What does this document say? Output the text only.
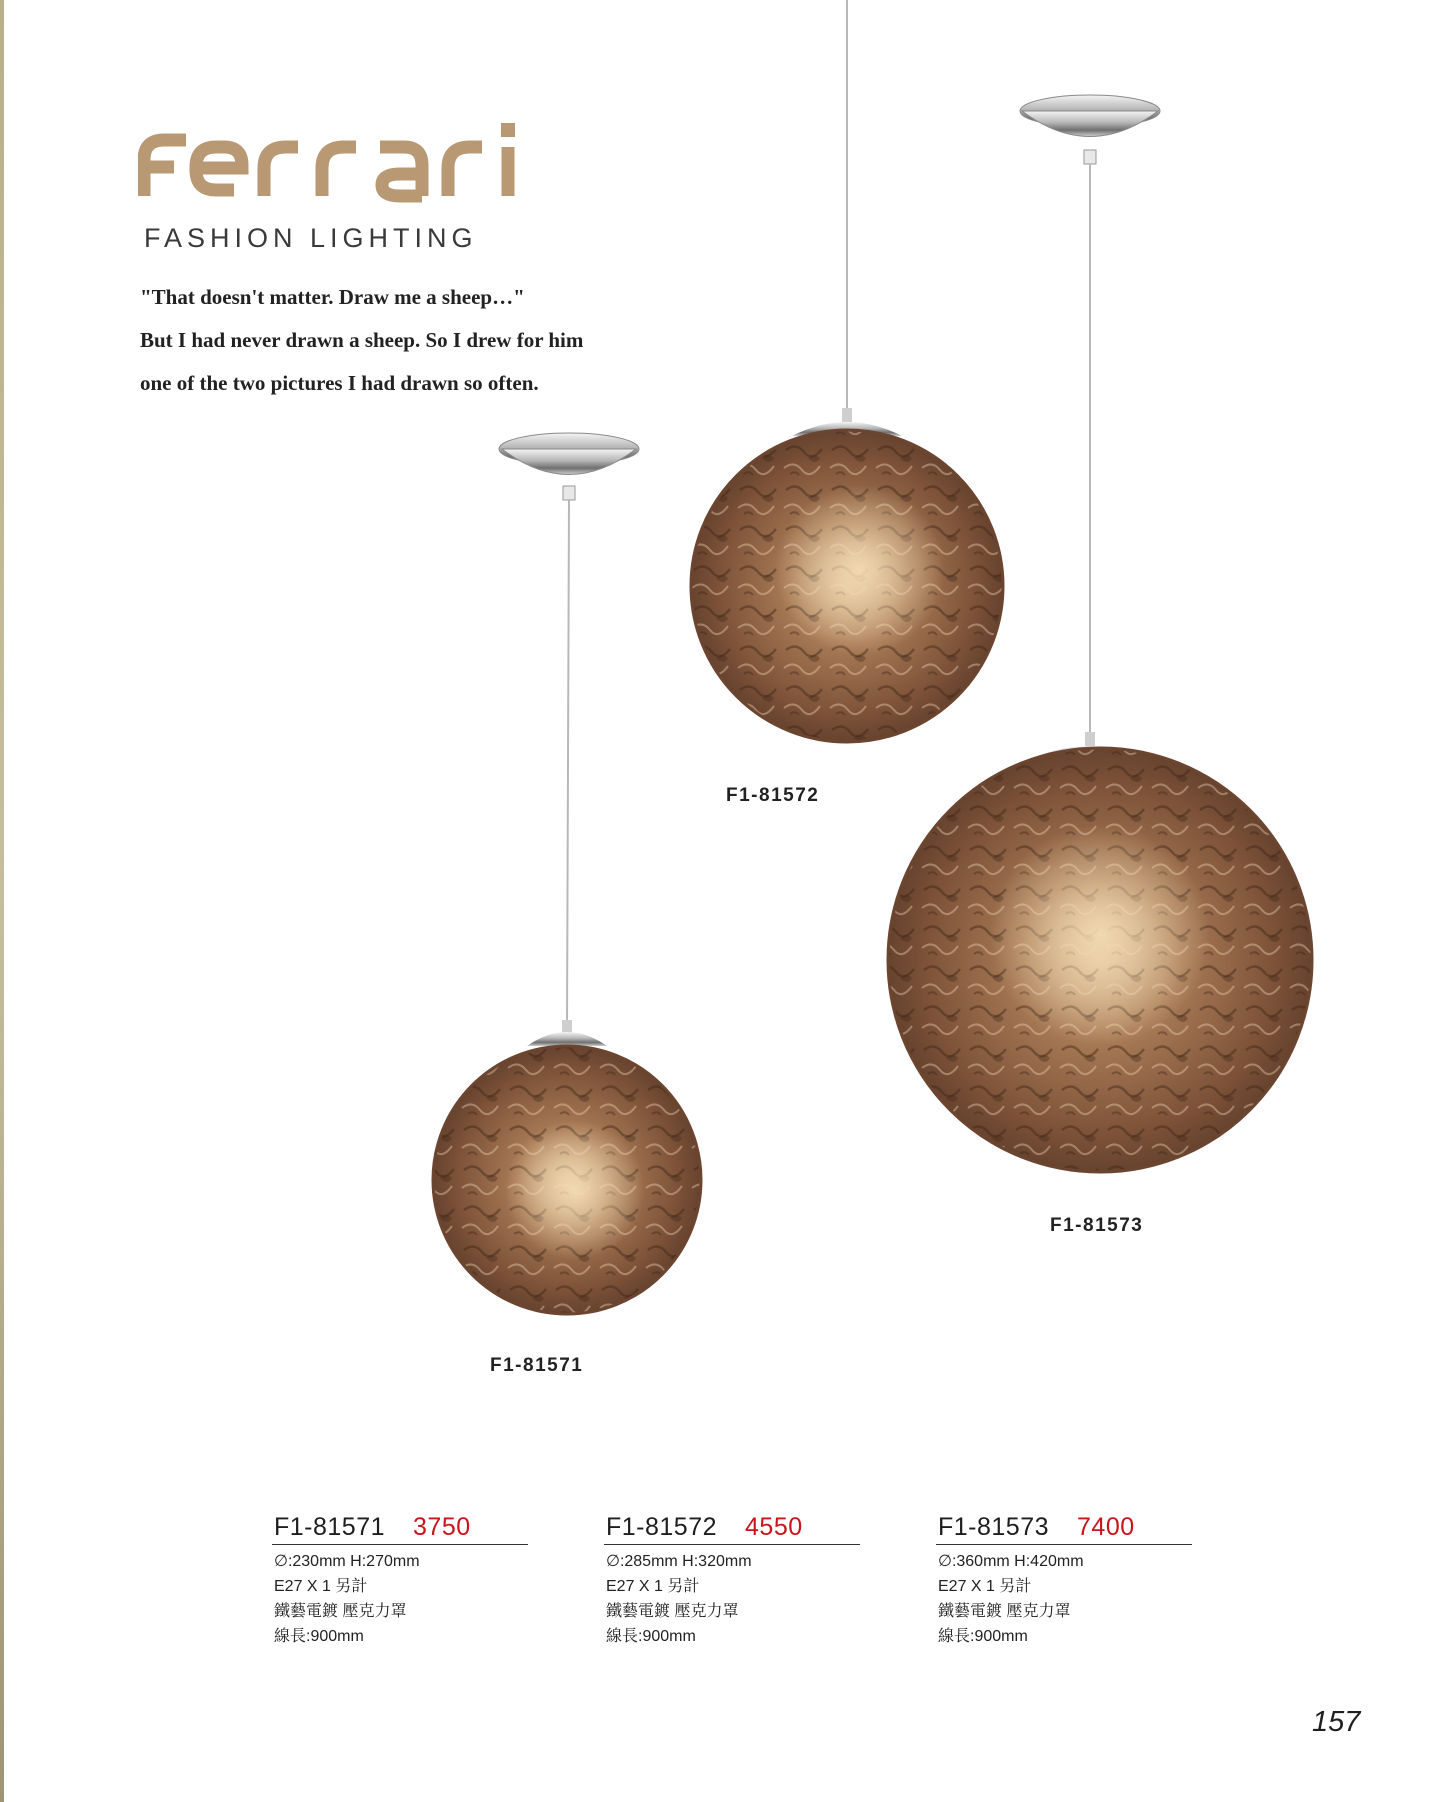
FASHION LIGHTING
"That doesn't matter. Draw me a sheep…"
But I had never drawn a sheep. So I drew for him
one of the two pictures I had drawn so often.
F1-81572
F1-81573
F1-81571
F1-81571 3750
∅:230mm H:270mm
E27 X 1 另計
鐵藝電鍍 壓克力罩
線長:900mm
F1-81572 4550
∅:285mm H:320mm
E27 X 1 另計
鐵藝電鍍 壓克力罩
線長:900mm
F1-81573 7400
∅:360mm H:420mm
E27 X 1 另計
鐵藝電鍍 壓克力罩
線長:900mm
157
